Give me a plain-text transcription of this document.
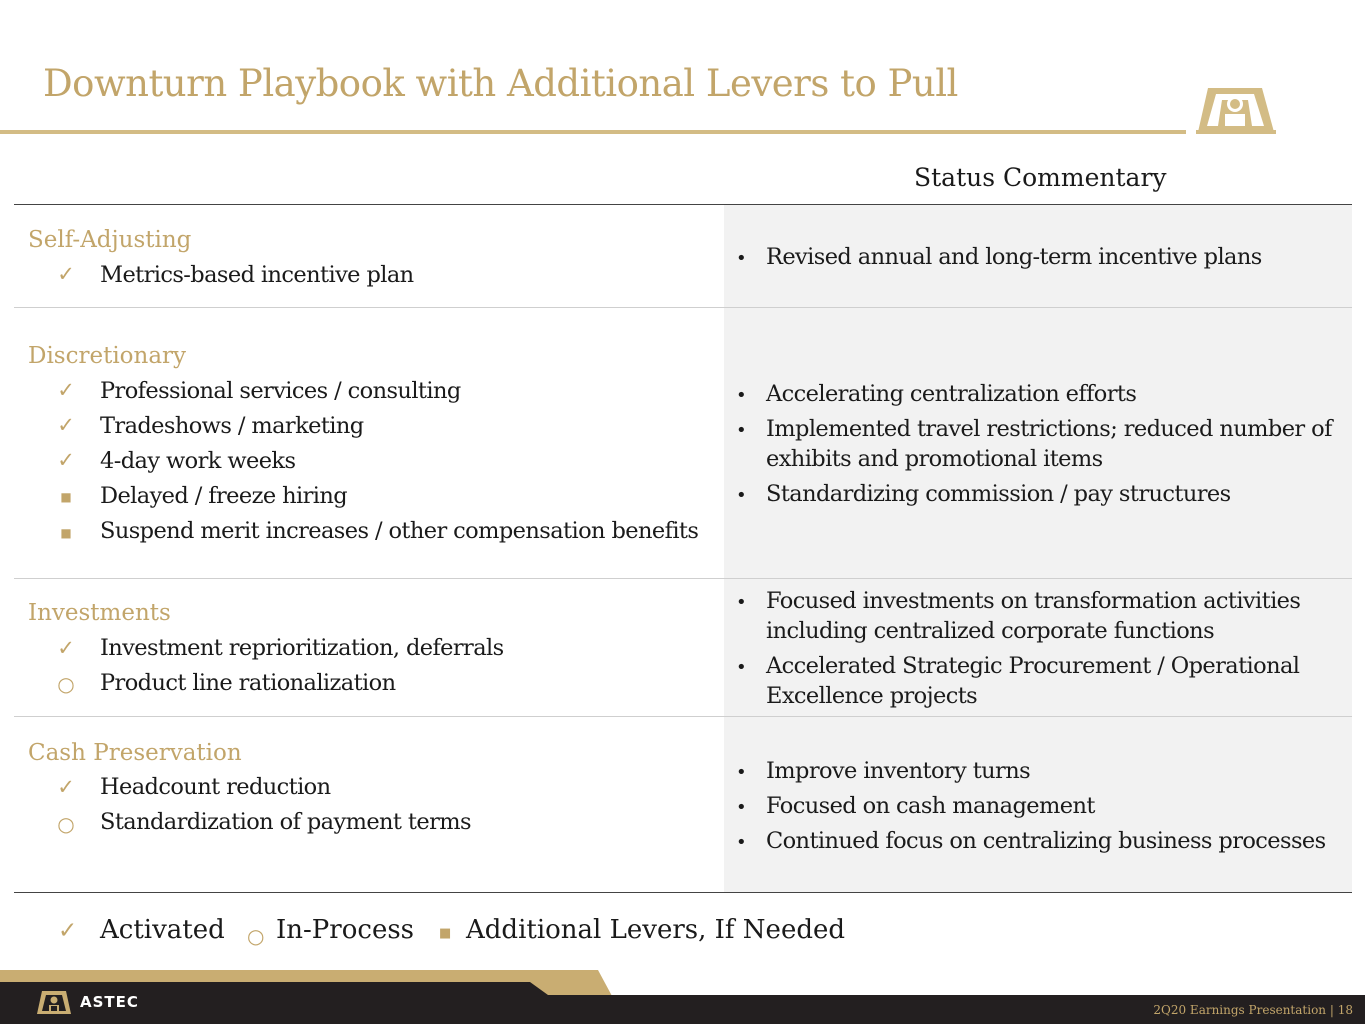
Downturn Playbook with Additional Levers to Pull
Status Commentary
Self-Adjusting
✓ Metrics-based incentive plan
• Revised annual and long-term incentive plans
Discretionary
✓ Professional services / consulting
✓ Tradeshows / marketing
✓ 4-day work weeks
■ Delayed / freeze hiring
■ Suspend merit increases / other compensation benefits
• Accelerating centralization efforts
• Implemented travel restrictions; reduced number of
exhibits and promotional items
• Standardizing commission / pay structures
Investments
✓ Investment reprioritization, deferrals
○ Product line rationalization
• Focused investments on transformation activities
including centralized corporate functions
• Accelerated Strategic Procurement / Operational
Excellence projects
Cash Preservation
✓ Headcount reduction
○ Standardization of payment terms
• Improve inventory turns
• Focused on cash management
• Continued focus on centralizing business processes
✓ Activated ○ In-Process ■ Additional Levers, If Needed
ASTEC	2Q20 Earnings Presentation | 18
